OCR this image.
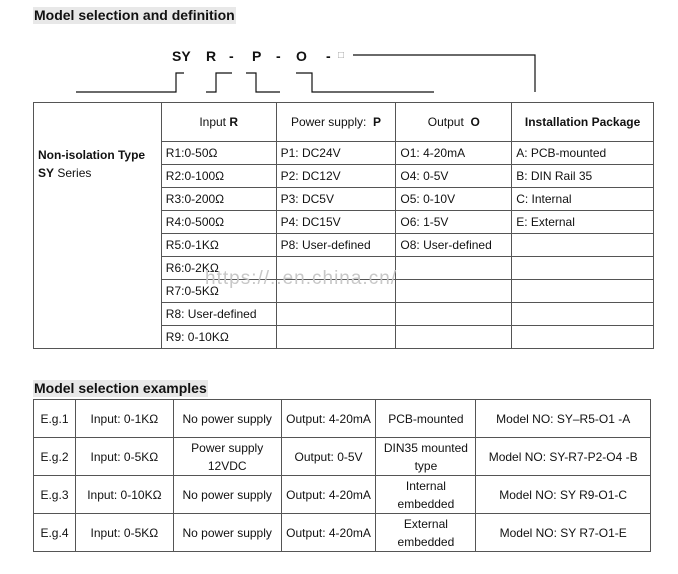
Model selection and definition
SY R - P - O - □
	Input R	Power supply: P	Output O	Installation Package

Non-isolation Type
SY Series	R1:0-50Ω	P1: DC24V	O1: 4-20mA	A: PCB-mounted
	R2:0-100Ω	P2: DC12V	O4: 0-5V	B: DIN Rail 35
	R3:0-200Ω	P3: DC5V	O5: 0-10V	C: Internal
	R4:0-500Ω	P4: DC15V	O6: 1-5V	E: External
	R5:0-1KΩ	P8: User-defined	O8: User-defined	
	R6:0-2KΩ			
	R7:0-5KΩ			
	R8: User-defined			
	R9: 0-10KΩ			
https://..en.china.cn/
Model selection examples
E.g.1	Input: 0-1KΩ	No power supply	Output: 4-20mA	PCB-mounted	Model NO: SY–R5-O1 -A
E.g.2	Input: 0-5KΩ	Power supply 12VDC	Output: 0-5V	DIN35 mounted type	Model NO: SY-R7-P2-O4 -B
E.g.3	Input: 0-10KΩ	No power supply	Output: 4-20mA	Internal embedded	Model NO: SY R9-O1-C
E.g.4	Input: 0-5KΩ	No power supply	Output: 4-20mA	External embedded	Model NO: SY R7-O1-E
